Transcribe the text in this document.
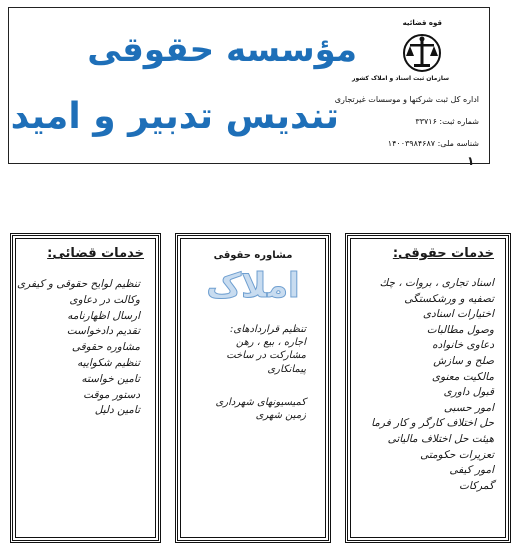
مؤسسه حقوقی
تندیس تدبیر و امید
قوه قضائیه
سازمان ثبت اسناد و املاک کشور
اداره کل ثبت شرکتها و موسسات غیرتجاری
شماره ثبت: ۳۳۷۱۶
شناسه ملی: ۱۴۰۰۳۹۸۴۶۸۷
۱
خدمات حقوقی:
اسناد تجاری ، بروات ، چك
تصفیه و ورشكستگی
اختیارات اسنادی
وصول مطالبات
دعاوی خانواده
صلح و سازش
مالكیت معنوی
قبول داوری
امور حسبی
حل اختلاف كارگر و كار فرما
هیئت حل اختلاف مالیاتی
تعزیرات حكومتی
امور كیفی
گمركات
مشاوره حقوقی
املاک
تنظیم قراردادهای:
اجاره ، بیع ، رهن
مشاركت در ساخت
پیمانكاری
كمیسیونهای شهرداری
زمین شهری
خدمات قضائی:
تنظیم لوایح حقوقی و كیفری
وكالت در دعاوی
ارسال اظهارنامه
تقدیم دادخواست
مشاوره حقوقی
تنظیم شكواییه
تامین خواسته
دستور موقت
تامین دلیل
